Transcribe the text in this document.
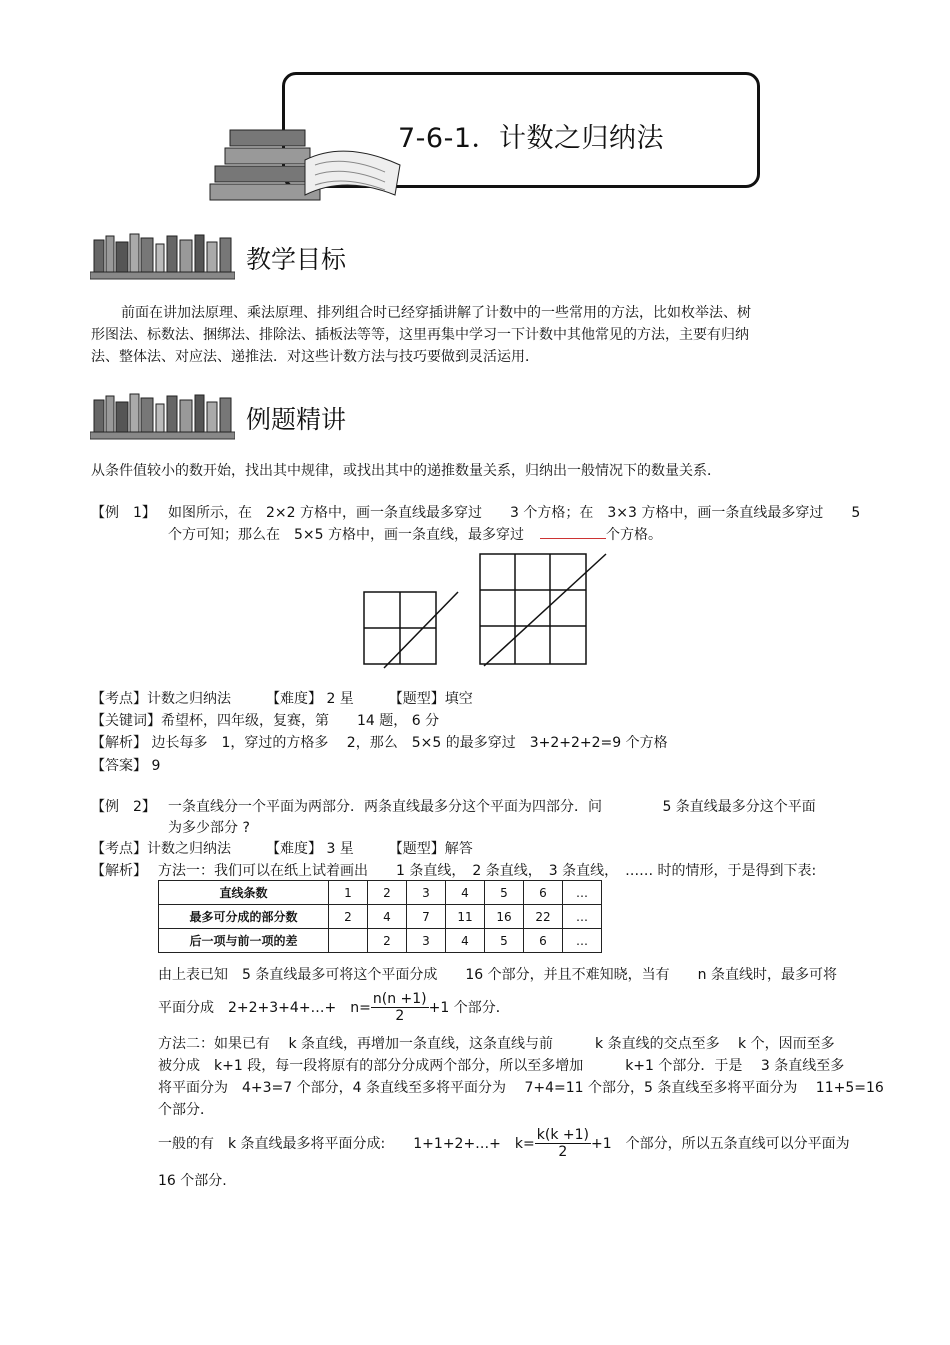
7-6-1．计数之归纳法
教学目标
前面在讲加法原理、乘法原理、排列组合时已经穿插讲解了计数中的一些常用的方法，比如枚举法、树
形图法、标数法、捆绑法、排除法、插板法等等，这里再集中学习一下计数中其他常见的方法，主要有归纳
法、整体法、对应法、递推法．对这些计数方法与技巧要做到灵活运用．
例题精讲
从条件值较小的数开始，找出其中规律，或找出其中的递推数量关系，归纳出一般情况下的数量关系．
【例　1】 如图所示，在　2×2 方格中，画一条直线最多穿过　　3 个方格；在　3×3 方格中，画一条直线最多穿过　　5
个方可知；那么在　5×5 方格中，画一条直线，最多穿过	个方格。
【考点】计数之归纳法　　　【难度】 2 星　　　【题型】填空
【关键词】希望杯，四年级，复赛，第　　14 题， 6 分
【解析】 边长每多　1，穿过的方格多　 2，那么　5×5 的最多穿过　3+2+2+2=9 个方格
【答案】 9
【例　2】 一条直线分一个平面为两部分．两条直线最多分这个平面为四部分．问　　　　 5 条直线最多分这个平面
为多少部分 ?
【考点】计数之归纳法　　　【难度】 3 星　　　【题型】解答
【解析】 方法一：我们可以在纸上试着画出　　1 条直线，　2 条直线，　3 条直线，　…… 时的情形，于是得到下表:
直线条数	1	2	3	4	5	6	…
最多可分成的部分数	2	4	7	11	16	22	…
后一项与前一项的差		2	3	4	5	6	…
由上表已知　5 条直线最多可将这个平面分成　　16 个部分，并且不难知晓，当有　　n 条直线时，最多可将
平面分成　2+2+3+4+…+　$n= \frac{n(n +1)}{2} +1$ 个部分．
方法二：如果已有　 k 条直线，再增加一条直线，这条直线与前　　　k 条直线的交点至多　 k 个，因而至多
被分成　k+1 段，每一段将原有的部分分成两个部分，所以至多增加　　　k+1 个部分．于是　 3 条直线至多
将平面分为　4+3=7 个部分，4 条直线至多将平面分为　 7+4=11 个部分，5 条直线至多将平面分为　 11+5=16
个部分．
一般的有　k 条直线最多将平面分成:　　1+1+2+…+　$k= \frac{k(k +1)}{2} +1$　个部分，所以五条直线可以分平面为
16 个部分.
